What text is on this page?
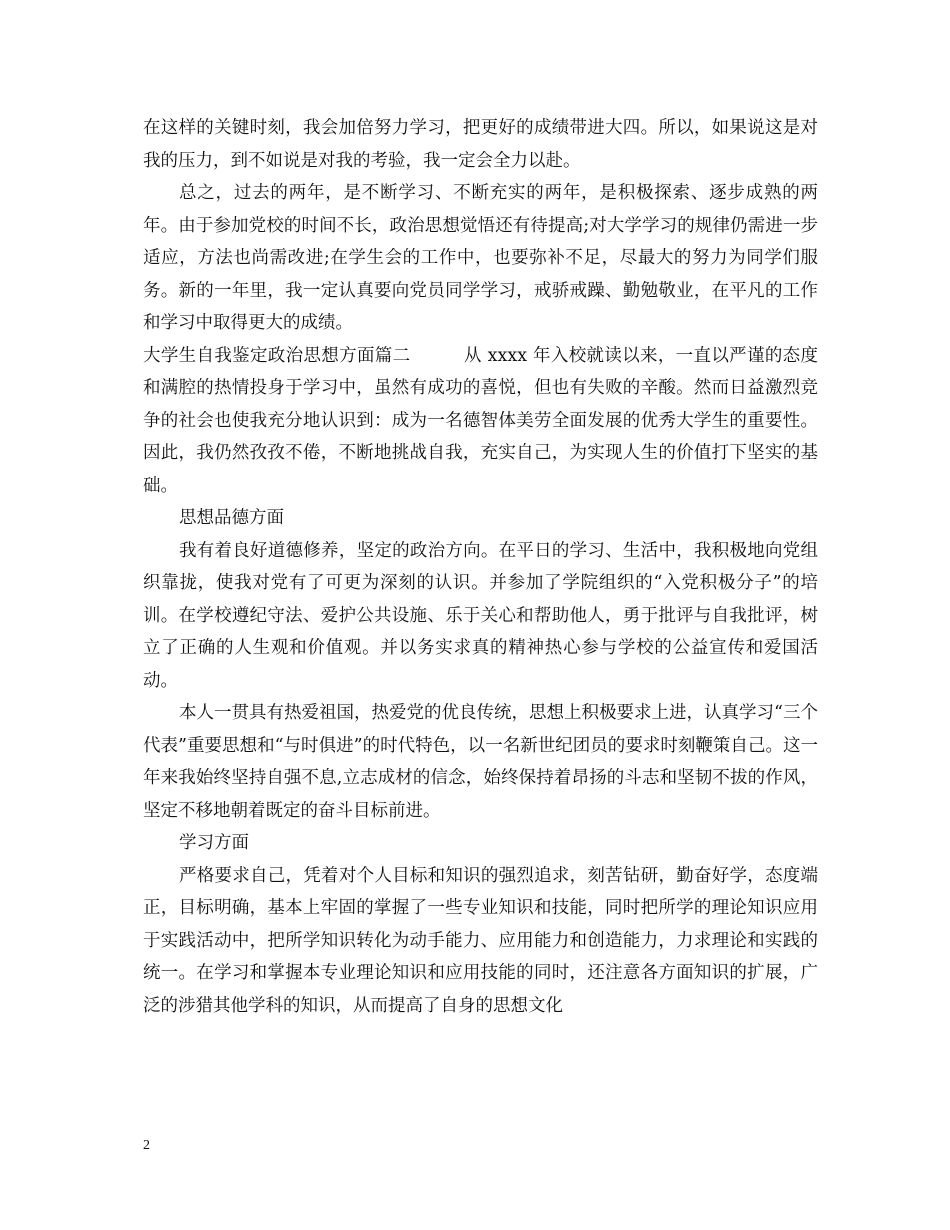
在这样的关键时刻，我会加倍努力学习，把更好的成绩带进大四。所以，如果说这是对我的压力，到不如说是对我的考验，我一定会全力以赴。

总之，过去的两年，是不断学习、不断充实的两年，是积极探索、逐步成熟的两年。由于参加党校的时间不长，政治思想觉悟还有待提高;对大学学习的规律仍需进一步适应，方法也尚需改进;在学生会的工作中，也要弥补不足，尽最大的努力为同学们服务。新的一年里，我一定认真要向党员同学学习，戒骄戒躁、勤勉敬业，在平凡的工作和学习中取得更大的成绩。

大学生自我鉴定政治思想方面篇二　　　从 xxxx 年入校就读以来，一直以严谨的态度和满腔的热情投身于学习中，虽然有成功的喜悦，但也有失败的辛酸。然而日益激烈竞争的社会也使我充分地认识到：成为一名德智体美劳全面发展的优秀大学生的重要性。因此，我仍然孜孜不倦，不断地挑战自我，充实自己，为实现人生的价值打下坚实的基础。

思想品德方面

我有着良好道德修养，坚定的政治方向。在平日的学习、生活中，我积极地向党组织靠拢，使我对党有了可更为深刻的认识。并参加了学院组织的“入党积极分子”的培训。在学校遵纪守法、爱护公共设施、乐于关心和帮助他人，勇于批评与自我批评，树立了正确的人生观和价值观。并以务实求真的精神热心参与学校的公益宣传和爱国活动。

本人一贯具有热爱祖国，热爱党的优良传统，思想上积极要求上进，认真学习“三个代表”重要思想和“与时俱进”的时代特色，以一名新世纪团员的要求时刻鞭策自己。这一年来我始终坚持自强不息,立志成材的信念，始终保持着昂扬的斗志和坚韧不拔的作风，坚定不移地朝着既定的奋斗目标前进。

学习方面

严格要求自己，凭着对个人目标和知识的强烈追求，刻苦钻研，勤奋好学，态度端正，目标明确，基本上牢固的掌握了一些专业知识和技能，同时把所学的理论知识应用于实践活动中，把所学知识转化为动手能力、应用能力和创造能力，力求理论和实践的统一。在学习和掌握本专业理论知识和应用技能的同时，还注意各方面知识的扩展，广泛的涉猎其他学科的知识，从而提高了自身的思想文化

2
